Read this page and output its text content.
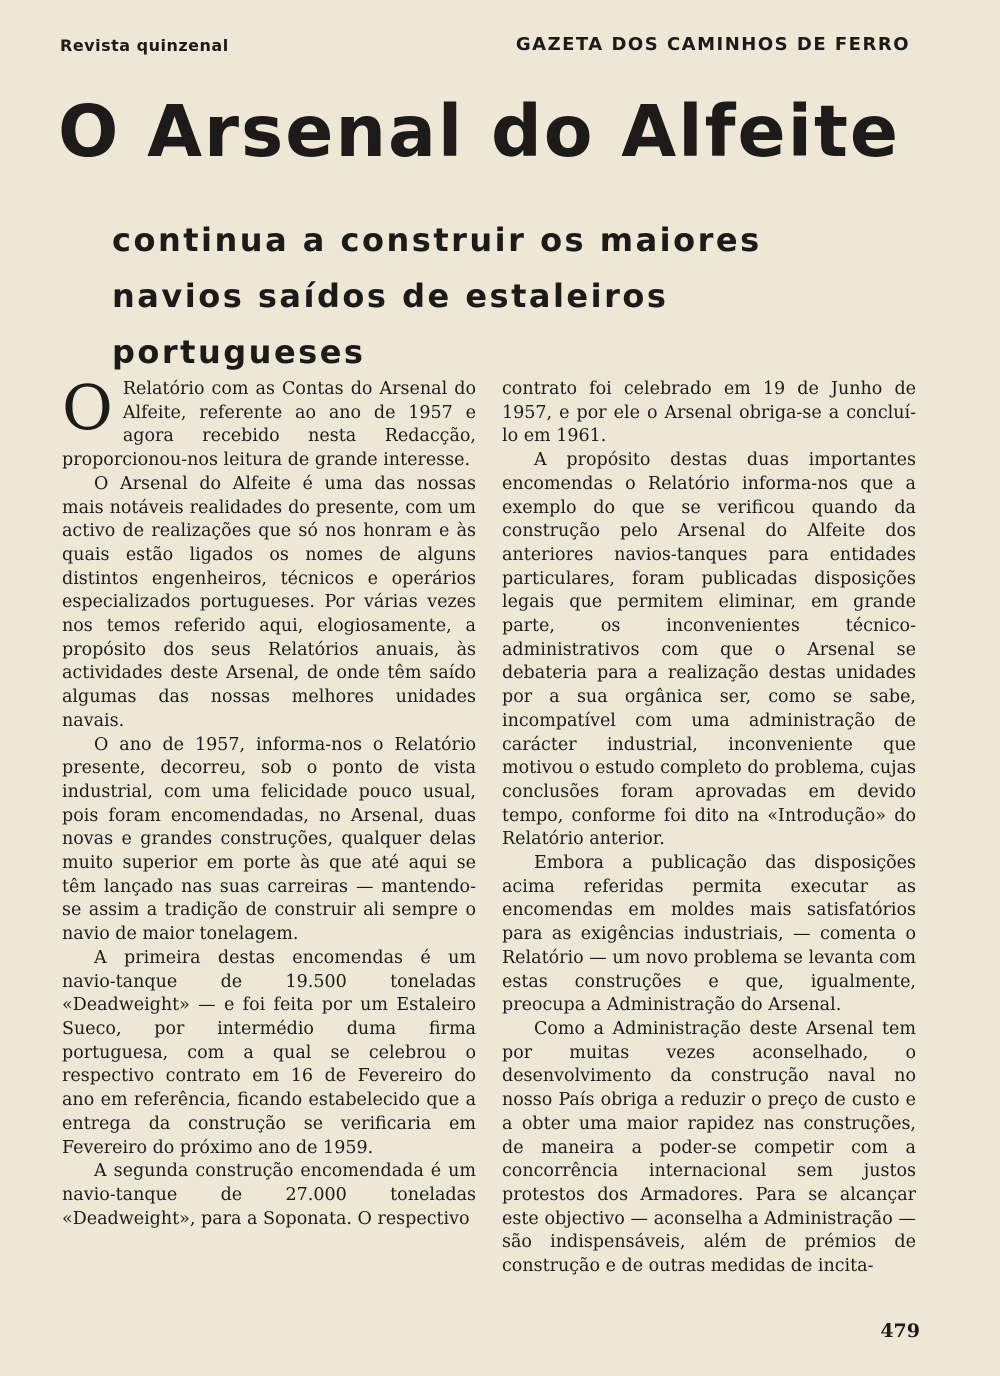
Revista quinzenal	GAZETA DOS CAMINHOS DE FERRO
O Arsenal do Alfeite
continua a construir os maiores navios saídos de estaleiros portugueses

O Relatório com as Contas do Arsenal do Alfeite, referente ao ano de 1957 e agora recebido nesta Redacção, proporcionou-nos leitura de grande interesse.

O Arsenal do Alfeite é uma das nossas mais notáveis realidades do presente, com um activo de realizações que só nos honram e às quais estão ligados os nomes de alguns distintos engenheiros, técnicos e operários especializados portugueses. Por várias vezes nos temos referido aqui, elogiosamente, a propósito dos seus Relatórios anuais, às actividades deste Arsenal, de onde têm saído algumas das nossas melhores unidades navais.

O ano de 1957, informa-nos o Relatório presente, decorreu, sob o ponto de vista industrial, com uma felicidade pouco usual, pois foram encomendadas, no Arsenal, duas novas e grandes construções, qualquer delas muito superior em porte às que até aqui se têm lançado nas suas carreiras — mantendo-se assim a tradição de construir ali sempre o navio de maior tonelagem.

A primeira destas encomendas é um navio-tanque de 19.500 toneladas «Deadweight» — e foi feita por um Estaleiro Sueco, por intermédio duma firma portuguesa, com a qual se celebrou o respectivo contrato em 16 de Fevereiro do ano em referência, ficando estabelecido que a entrega da construção se verificaria em Fevereiro do próximo ano de 1959.

A segunda construção encomendada é um navio-tanque de 27.000 toneladas «Deadweight», para a Soponata. O respectivo

contrato foi celebrado em 19 de Junho de 1957, e por ele o Arsenal obriga-se a concluí-lo em 1961.

A propósito destas duas importantes encomendas o Relatório informa-nos que a exemplo do que se verificou quando da construção pelo Arsenal do Alfeite dos anteriores navios-tanques para entidades particulares, foram publicadas disposições legais que permitem eliminar, em grande parte, os inconvenientes técnico-administrativos com que o Arsenal se debateria para a realização destas unidades por a sua orgânica ser, como se sabe, incompatível com uma administração de carácter industrial, inconveniente que motivou o estudo completo do problema, cujas conclusões foram aprovadas em devido tempo, conforme foi dito na «Introdução» do Relatório anterior.

Embora a publicação das disposições acima referidas permita executar as encomendas em moldes mais satisfatórios para as exigências industriais, — comenta o Relatório — um novo problema se levanta com estas construções e que, igualmente, preocupa a Administração do Arsenal.

Como a Administração deste Arsenal tem por muitas vezes aconselhado, o desenvolvimento da construção naval no nosso País obriga a reduzir o preço de custo e a obter uma maior rapidez nas construções, de maneira a poder-se competir com a concorrência internacional sem justos protestos dos Armadores. Para se alcançar este objectivo — aconselha a Administração — são indispensáveis, além de prémios de construção e de outras medidas de incita-

479
